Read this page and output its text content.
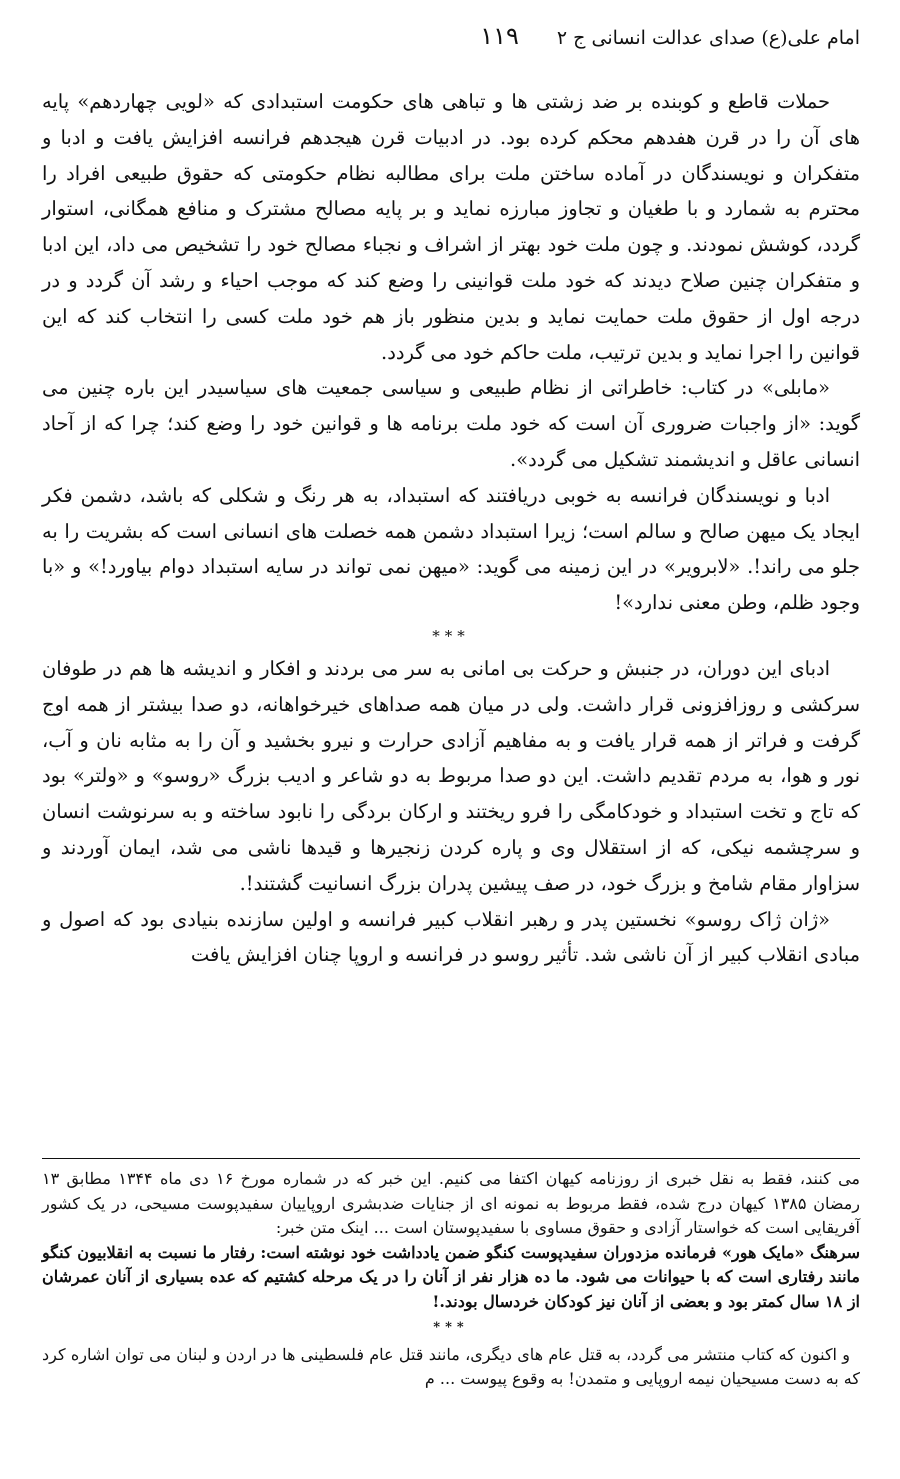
امام علی(ع) صدای عدالت انسانی ج ۲
۱۱۹

حملات قاطع و کوبنده بر ضد زشتی ها و تباهی های حکومت استبدادی که «لویی چهاردهم» پایه های آن را در قرن هفدهم محکم کرده بود. در ادبیات قرن هیجدهم فرانسه افزایش یافت و ادبا و متفکران و نویسندگان در آماده ساختن ملت برای مطالبه نظام حکومتی که حقوق طبیعی افراد را محترم به شمارد و با طغیان و تجاوز مبارزه نماید و بر پایه مصالح مشترک و منافع همگانی، استوار گردد، کوشش نمودند. و چون ملت خود بهتر از اشراف و نجباء مصالح خود را تشخیص می داد، این ادبا و متفکران چنین صلاح دیدند که خود ملت قوانینی را وضع کند که موجب احیاء و رشد آن گردد و در درجه اول از حقوق ملت حمایت نماید و بدین منظور باز هم خود ملت کسی را انتخاب کند که این قوانین را اجرا نماید و بدین ترتیب، ملت حاکم خود می گردد.

«مابلی» در کتاب: خاطراتی از نظام طبیعی و سیاسی جمعیت های سیاسیدر این باره چنین می گوید: «از واجبات ضروری آن است که خود ملت برنامه ها و قوانین خود را وضع کند؛ چرا که از آحاد انسانی عاقل و اندیشمند تشکیل می گردد».

ادبا و نویسندگان فرانسه به خوبی دریافتند که استبداد، به هر رنگ و شکلی که باشد، دشمن فکر ایجاد یک میهن صالح و سالم است؛ زیرا استبداد دشمن همه خصلت های انسانی است که بشریت را به جلو می راند!. «لابرویر» در این زمینه می گوید: «میهن نمی تواند در سایه استبداد دوام بیاورد!» و «با وجود ظلم، وطن معنی ندارد»!

***

ادبای این دوران، در جنبش و حرکت بی امانی به سر می بردند و افکار و اندیشه ها هم در طوفان سرکشی و روزافزونی قرار داشت. ولی در میان همه صداهای خیرخواهانه، دو صدا بیشتر از همه اوج گرفت و فراتر از همه قرار یافت و به مفاهیم آزادی حرارت و نیرو بخشید و آن را به مثابه نان و آب، نور و هوا، به مردم تقدیم داشت. این دو صدا مربوط به دو شاعر و ادیب بزرگ «روسو» و «ولتر» بود که تاج و تخت استبداد و خودکامگی را فرو ریختند و ارکان بردگی را نابود ساخته و به سرنوشت انسان و سرچشمه نیکی، که از استقلال وی و پاره کردن زنجیرها و قیدها ناشی می شد، ایمان آوردند و سزاوار مقام شامخ و بزرگ خود، در صف پیشین پدران بزرگ انسانیت گشتند!.

«ژان ژاک روسو» نخستین پدر و رهبر انقلاب کبیر فرانسه و اولین سازنده بنیادی بود که اصول و مبادی انقلاب کبیر از آن ناشی شد. تأثیر روسو در فرانسه و اروپا چنان افزایش یافت

می کنند، فقط به نقل خبری از روزنامه کیهان اکتفا می کنیم. این خبر که در شماره مورخ ۱۶ دی ماه ۱۳۴۴ مطابق ۱۳ رمضان ۱۳۸۵ کیهان درج شده، فقط مربوط به نمونه ای از جنایات ضدبشری اروپاییان سفیدپوست مسیحی، در یک کشور آفریقایی است که خواستار آزادی و حقوق مساوی با سفیدپوستان است ... اینک متن خبر:

سرهنگ «مایک هور» فرمانده مزدوران سفیدپوست کنگو ضمن یادداشت خود نوشته است: رفتار ما نسبت به انقلابیون کنگو مانند رفتاری است که با حیوانات می شود. ما ده هزار نفر از آنان را در یک مرحله کشتیم که عده بسیاری از آنان عمرشان از ۱۸ سال کمتر بود و بعضی از آنان نیز کودکان خردسال بودند.!

***

و اکنون که کتاب منتشر می گردد، به قتل عام های دیگری، مانند قتل عام فلسطینی ها در اردن و لبنان می توان اشاره کرد که به دست مسیحیان نیمه اروپایی و متمدن! به وقوع پیوست ... م
